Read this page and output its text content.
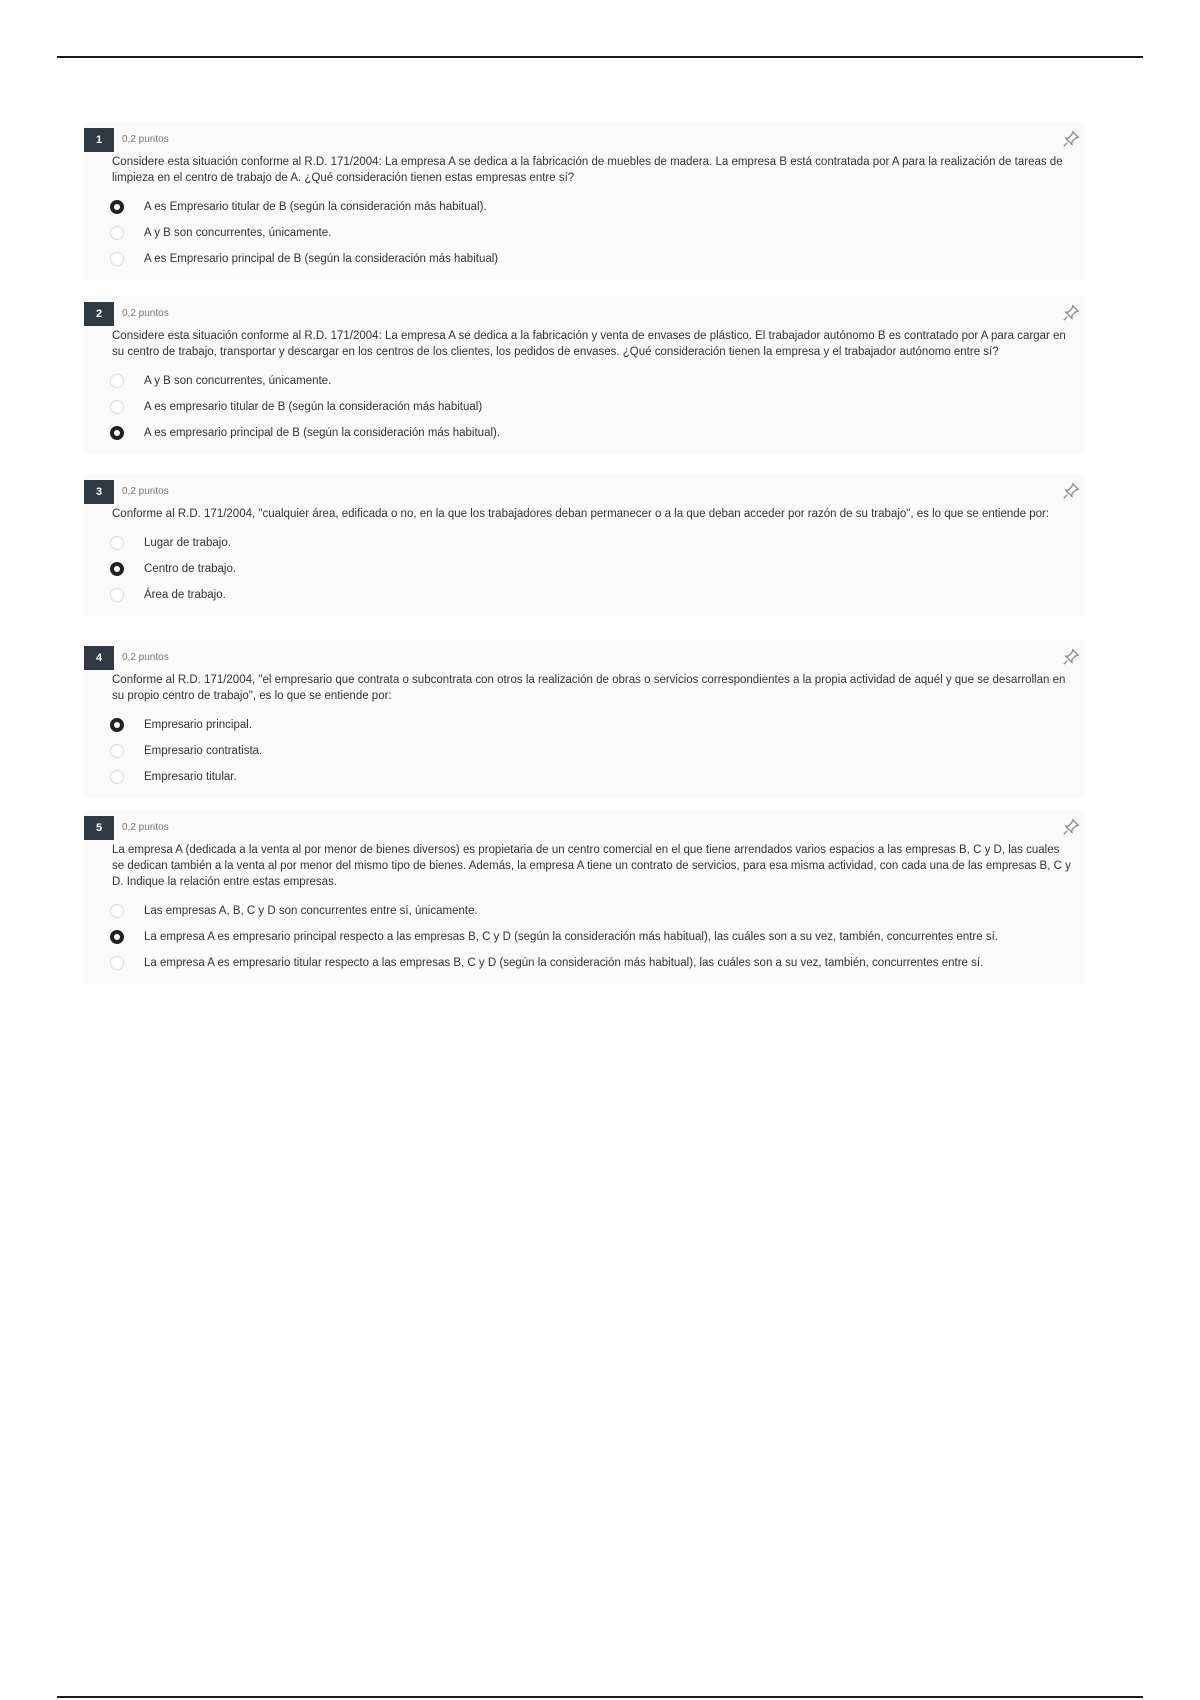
1	0,2 puntos
Considere esta situación conforme al R.D. 171/2004: La empresa A se dedica a la fabricación de muebles de madera. La empresa B está contratada por A para la realización de tareas de limpieza en el centro de trabajo de A. ¿Qué consideración tienen estas empresas entre sí?
A es Empresario titular de B (según la consideración más habitual).
A y B son concurrentes, únicamente.
A es Empresario principal de B (según la consideración más habitual)
2	0,2 puntos
Considere esta situación conforme al R.D. 171/2004: La empresa A se dedica a la fabricación y venta de envases de plástico. El trabajador autónomo B es contratado por A para cargar en su centro de trabajo, transportar y descargar en los centros de los clientes, los pedidos de envases. ¿Qué consideración tienen la empresa y el trabajador autónomo entre sí?
A y B son concurrentes, únicamente.
A es empresario titular de B (según la consideración más habitual)
A es empresario principal de B (según la consideración más habitual).
3	0,2 puntos
Conforme al R.D. 171/2004, "cualquier área, edificada o no, en la que los trabajadores deban permanecer o a la que deban acceder por razón de su trabajo", es lo que se entiende por:
Lugar de trabajo.
Centro de trabajo.
Área de trabajo.
4	0,2 puntos
Conforme al R.D. 171/2004, "el empresario que contrata o subcontrata con otros la realización de obras o servicios correspondientes a la propia actividad de aquél y que se desarrollan en su propio centro de trabajo", es lo que se entiende por:
Empresario principal.
Empresario contratista.
Empresario titular.
5	0,2 puntos
La empresa A (dedicada a la venta al por menor de bienes diversos) es propietaria de un centro comercial en el que tiene arrendados varios espacios a las empresas B, C y D, las cuales se dedican también a la venta al por menor del mismo tipo de bienes. Además, la empresa A tiene un contrato de servicios, para esa misma actividad, con cada una de las empresas B, C y D. Indique la relación entre estas empresas.
Las empresas A, B, C y D son concurrentes entre sí, únicamente.
La empresa A es empresario principal respecto a las empresas B, C y D (según la consideración más habitual), las cuáles son a su vez, también, concurrentes entre sí.
La empresa A es empresario titular respecto a las empresas B, C y D (según la consideración más habitual), las cuáles son a su vez, también, concurrentes entre sí.
